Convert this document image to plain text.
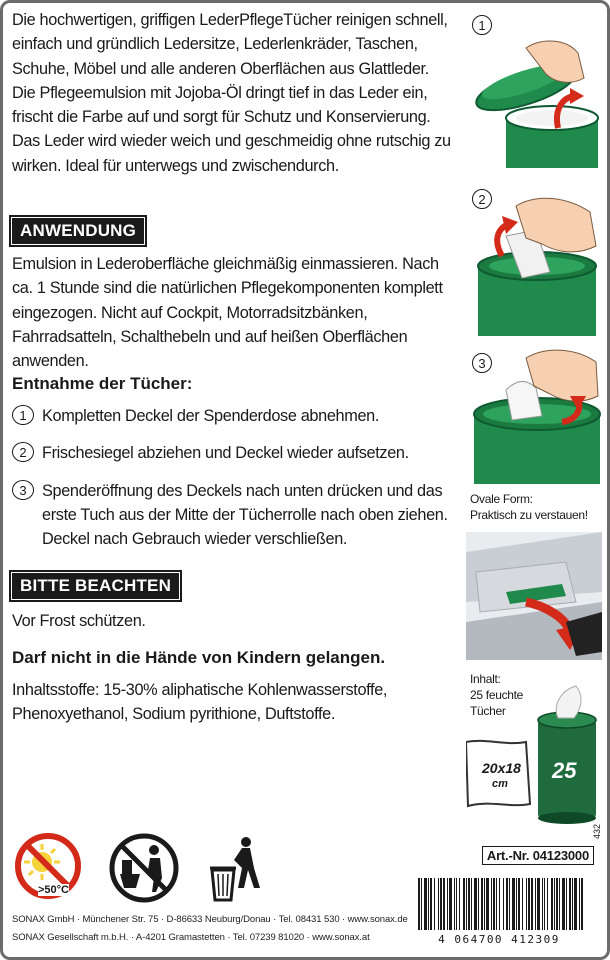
Die hochwertigen, griffigen LederPflegeTücher reinigen schnell, einfach und gründlich Ledersitze, Lederlenkräder, Taschen, Schuhe, Möbel und alle anderen Oberflächen aus Glattleder. Die Pflegeemulsion mit Jojoba-Öl dringt tief in das Leder ein, frischt die Farbe auf und sorgt für Schutz und Konservierung. Das Leder wird wieder weich und geschmeidig ohne rutschig zu wirken. Ideal für unterwegs und zwischendurch.

ANWENDUNG

Emulsion in Lederoberfläche gleichmäßig einmassieren. Nach ca. 1 Stunde sind die natürlichen Pflegekomponenten komplett eingezogen. Nicht auf Cockpit, Motorradsitzbänken, Fahrradsatteln, Schalthebeln und auf heißen Oberflächen anwenden.

Entnahme der Tücher:
1 Kompletten Deckel der Spenderdose abnehmen.
2 Frischesiegel abziehen und Deckel wieder aufsetzen.
3 Spenderöffnung des Deckels nach unten drücken und das erste Tuch aus der Mitte der Tücherrolle nach oben ziehen. Deckel nach Gebrauch wieder verschließen.
BITTE BEACHTEN

Vor Frost schützen.

Darf nicht in die Hände von Kindern gelangen.

Inhaltsstoffe: 15-30% aliphatische Kohlenwasserstoffe, Phenoxyethanol, Sodium pyrithione, Duftstoffe.

1
2
3
Ovale Form:
Praktisch zu verstauen!
Inhalt:
25 feuchte
Tücher
20x18
cm
25
>50°C
432
Art.-Nr. 04123000
SONAX GmbH · Münchener Str. 75 · D-86633 Neuburg/Donau · Tel. 08431 530 · www.sonax.de
SONAX Gesellschaft m.b.H. · A-4201 Gramastetten · Tel. 07239 81020 · www.sonax.at	4 064700 412309
